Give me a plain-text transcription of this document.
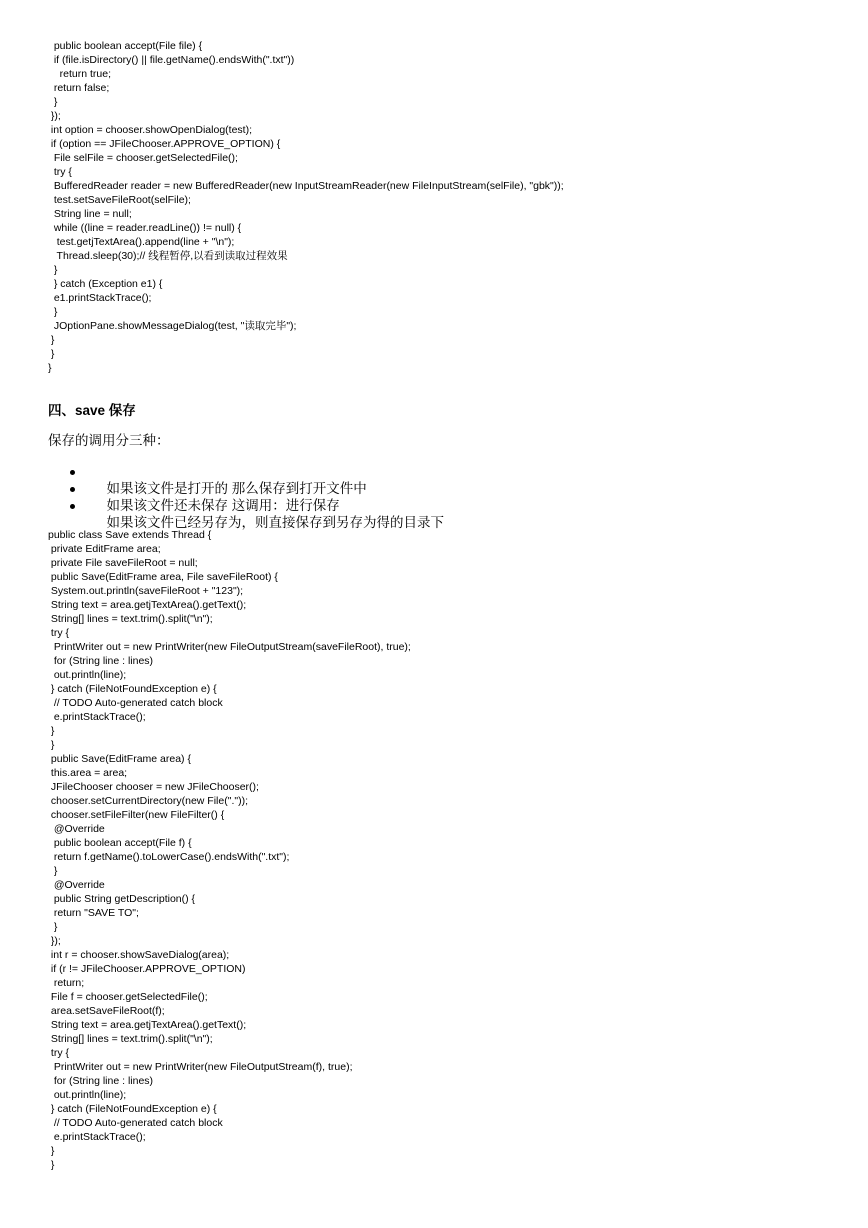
public boolean accept(File file) {
if (file.isDirectory() || file.getName().endsWith(".txt"))
return true;
return false;
}
});
int option = chooser.showOpenDialog(test);
if (option == JFileChooser.APPROVE_OPTION) {
File selFile = chooser.getSelectedFile();
try {
BufferedReader reader = new BufferedReader(new InputStreamReader(new FileInputStream(selFile), "gbk"));
test.setSaveFileRoot(selFile);
String line = null;
while ((line = reader.readLine()) != null) {
test.getjTextArea().append(line + "\n");
Thread.sleep(30);// 线程暂停,以看到读取过程效果
}
} catch (Exception e1) {
e1.printStackTrace();
}
JOptionPane.showMessageDialog(test, "读取完毕");
}
}
}
四、save 保存

保存的调用分三种：

如果该文件是打开的 那么保存到打开文件中

如果该文件还未保存 这调用：进行保存

如果该文件已经另存为，则直接保存到另存为得的目录下

public class Save extends Thread {
private EditFrame area;
private File saveFileRoot = null;
public Save(EditFrame area, File saveFileRoot) {
System.out.println(saveFileRoot + "123");
String text = area.getjTextArea().getText();
String[] lines = text.trim().split("\n");
try {
PrintWriter out = new PrintWriter(new FileOutputStream(saveFileRoot), true);
for (String line : lines)
out.println(line);
} catch (FileNotFoundException e) {
// TODO Auto-generated catch block
e.printStackTrace();
}
}
public Save(EditFrame area) {
this.area = area;
JFileChooser chooser = new JFileChooser();
chooser.setCurrentDirectory(new File("."));
chooser.setFileFilter(new FileFilter() {
@Override
public boolean accept(File f) {
return f.getName().toLowerCase().endsWith(".txt");
}
@Override
public String getDescription() {
return "SAVE TO";
}
});
int r = chooser.showSaveDialog(area);
if (r != JFileChooser.APPROVE_OPTION)
return;
File f = chooser.getSelectedFile();
area.setSaveFileRoot(f);
String text = area.getjTextArea().getText();
String[] lines = text.trim().split("\n");
try {
PrintWriter out = new PrintWriter(new FileOutputStream(f), true);
for (String line : lines)
out.println(line);
} catch (FileNotFoundException e) {
// TODO Auto-generated catch block
e.printStackTrace();
}
}
